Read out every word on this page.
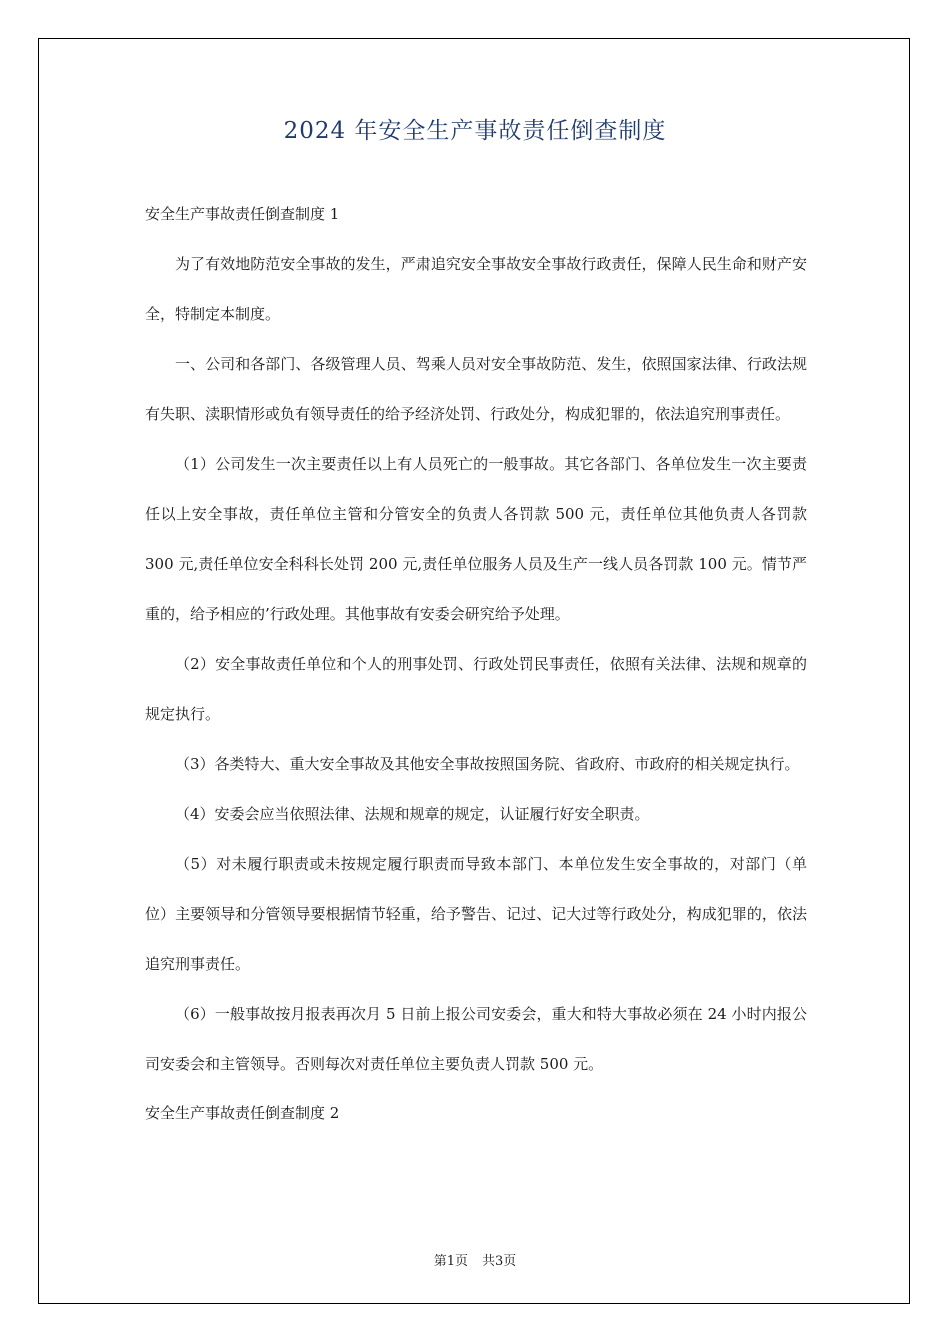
2024 年安全生产事故责任倒查制度

安全生产事故责任倒查制度 1

为了有效地防范安全事故的发生，严肃追究安全事故安全事故行政责任，保障人民生命和财产安全，特制定本制度。

一、公司和各部门、各级管理人员、驾乘人员对安全事故防范、发生，依照国家法律、行政法规有失职、渎职情形或负有领导责任的给予经济处罚、行政处分，构成犯罪的，依法追究刑事责任。

（1）公司发生一次主要责任以上有人员死亡的一般事故。其它各部门、各单位发生一次主要责任以上安全事故，责任单位主管和分管安全的负责人各罚款 500 元，责任单位其他负责人各罚款 300 元,责任单位安全科科长处罚 200 元,责任单位服务人员及生产一线人员各罚款 100 元。情节严重的，给予相应的’行政处理。其他事故有安委会研究给予处理。

（2）安全事故责任单位和个人的刑事处罚、行政处罚民事责任，依照有关法律、法规和规章的规定执行。

（3）各类特大、重大安全事故及其他安全事故按照国务院、省政府、市政府的相关规定执行。

（4）安委会应当依照法律、法规和规章的规定，认证履行好安全职责。

（5）对未履行职责或未按规定履行职责而导致本部门、本单位发生安全事故的，对部门（单位）主要领导和分管领导要根据情节轻重，给予警告、记过、记大过等行政处分，构成犯罪的，依法追究刑事责任。

（6）一般事故按月报表再次月 5 日前上报公司安委会，重大和特大事故必须在 24 小时内报公司安委会和主管领导。否则每次对责任单位主要负责人罚款 500 元。

安全生产事故责任倒查制度 2

第1页 共3页
